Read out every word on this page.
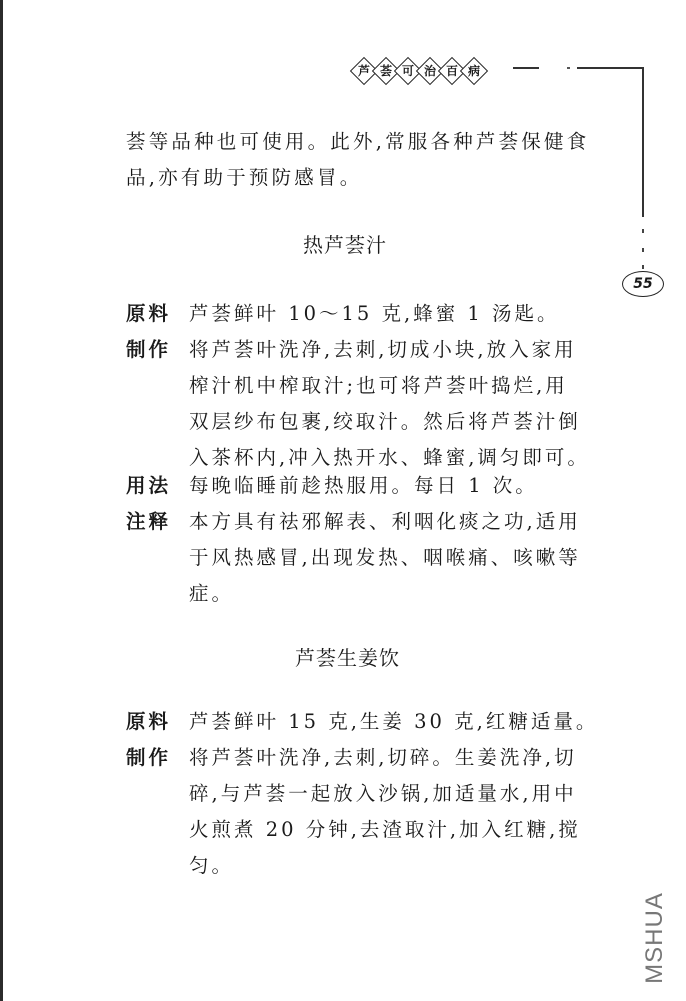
芦 荟 可 治 百 病
55
荟等品种也可使用。此外,常服各种芦荟保健食
品,亦有助于预防感冒。
热芦荟汁
原料 芦荟鲜叶 10～15 克,蜂蜜 1 汤匙。
制作 将芦荟叶洗净,去刺,切成小块,放入家用
榨汁机中榨取汁;也可将芦荟叶捣烂,用
双层纱布包裹,绞取汁。然后将芦荟汁倒
入茶杯内,冲入热开水、蜂蜜,调匀即可。
用法 每晚临睡前趁热服用。每日 1 次。
注释 本方具有祛邪解表、利咽化痰之功,适用
于风热感冒,出现发热、咽喉痛、咳嗽等
症。
芦荟生姜饮
原料 芦荟鲜叶 15 克,生姜 30 克,红糖适量。
制作 将芦荟叶洗净,去刺,切碎。生姜洗净,切
碎,与芦荟一起放入沙锅,加适量水,用中
火煎煮 20 分钟,去渣取汁,加入红糖,搅
匀。
MSHUA
